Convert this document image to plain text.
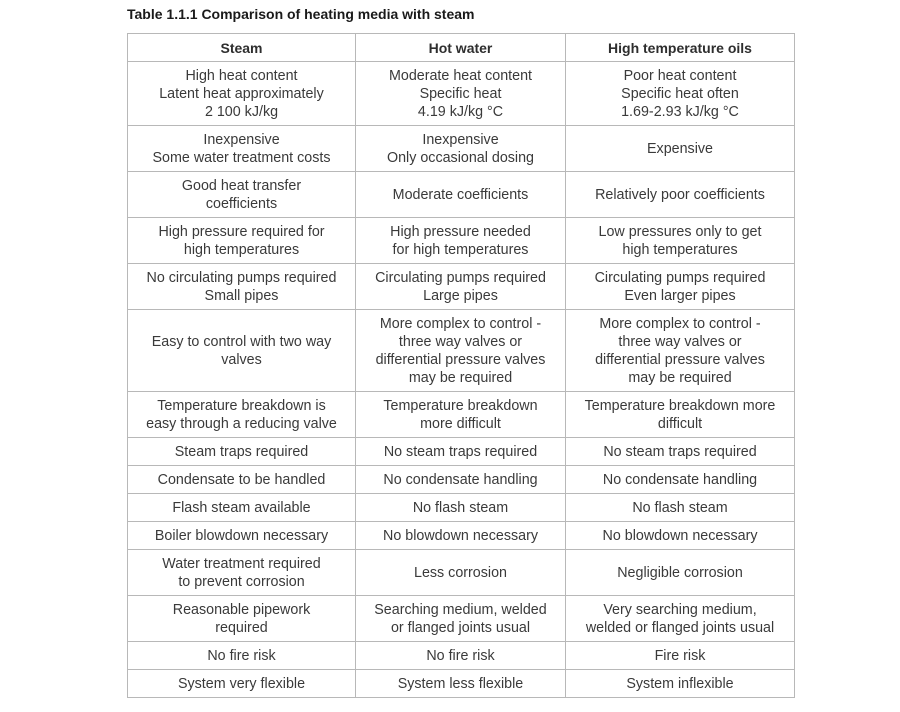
Table 1.1.1 Comparison of heating media with steam
Steam	Hot water	High temperature oils

High heat content
Latent heat approximately
2 100 kJ/kg	Moderate heat content
Specific heat
4.19 kJ/kg °C	Poor heat content
Specific heat often
1.69-2.93 kJ/kg °C

Inexpensive
Some water treatment costs	Inexpensive
Only occasional dosing	Expensive

Good heat transfer
coefficients	Moderate coefficients	Relatively poor coefficients

High pressure required for
high temperatures	High pressure needed
for high temperatures	Low pressures only to get
high temperatures

No circulating pumps required
Small pipes	Circulating pumps required
Large pipes	Circulating pumps required
Even larger pipes

Easy to control with two way
valves	More complex to control -
three way valves or
differential pressure valves
may be required	More complex to control -
three way valves or
differential pressure valves
may be required

Temperature breakdown is
easy through a reducing valve	Temperature breakdown
more difficult	Temperature breakdown more
difficult

Steam traps required	No steam traps required	No steam traps required

Condensate to be handled	No condensate handling	No condensate handling

Flash steam available	No flash steam	No flash steam

Boiler blowdown necessary	No blowdown necessary	No blowdown necessary

Water treatment required
to prevent corrosion	Less corrosion	Negligible corrosion

Reasonable pipework
required	Searching medium, welded
or flanged joints usual	Very searching medium,
welded or flanged joints usual

No fire risk	No fire risk	Fire risk

System very flexible	System less flexible	System inflexible
